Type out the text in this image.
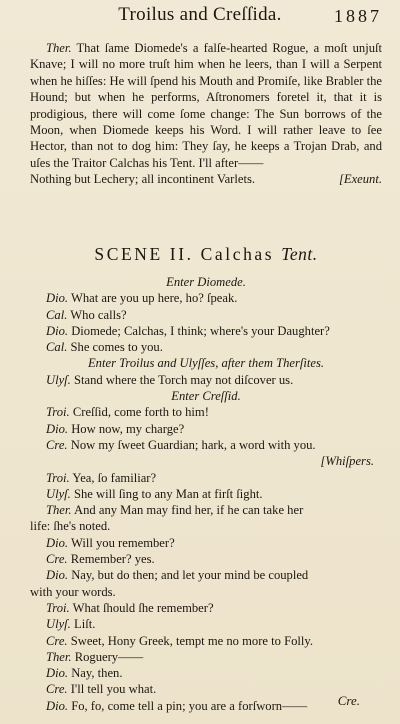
Troilus and Creſſida.	1887

Ther. That ſame Diomede's a falſe-hearted Rogue, a moſt unjuſt Knave; I will no more truſt him when he leers, than I will a Serpent when he hiſſes: He will ſpend his Mouth and Promiſe, like Brabler the Hound; but when he performs, Aſtronomers foretel it, that it is prodigious, there will come ſome change: The Sun borrows of the Moon, when Diomede keeps his Word. I will rather leave to ſee Hector, than not to dog him: They ſay, he keeps a Trojan Drab, and uſes the Traitor Calchas his Tent. I'll after——

Nothing but Lechery; all incontinent Varlets.	[Exeunt.
SCENE II. Calchas Tent.
Enter Diomede.
Dio. What are you up here, ho? ſpeak.
Cal. Who calls?
Dio. Diomede; Calchas, I think; where's your Daughter?
Cal. She comes to you.
Enter Troilus and Ulyſſes, after them Therſites.
Ulyſ. Stand where the Torch may not diſcover us.
Enter Creſſid.
Troi. Creſſid, come forth to him!
Dio. How now, my charge?
Cre. Now my ſweet Guardian; hark, a word with you.
[Whiſpers.
Troi. Yea, ſo familiar?
Ulyſ. She will ſing to any Man at firſt ſight.
Ther. And any Man may find her, if he can take her
life: ſhe's noted.
Dio. Will you remember?
Cre. Remember? yes.
Dio. Nay, but do then; and let your mind be coupled
with your words.
Troi. What ſhould ſhe remember?
Ulyſ. Liſt.
Cre. Sweet, Hony Greek, tempt me no more to Folly.
Ther. Roguery——
Dio. Nay, then.
Cre. I'll tell you what.
Dio. Fo, fo, come tell a pin; you are a forſworn——	Cre.
